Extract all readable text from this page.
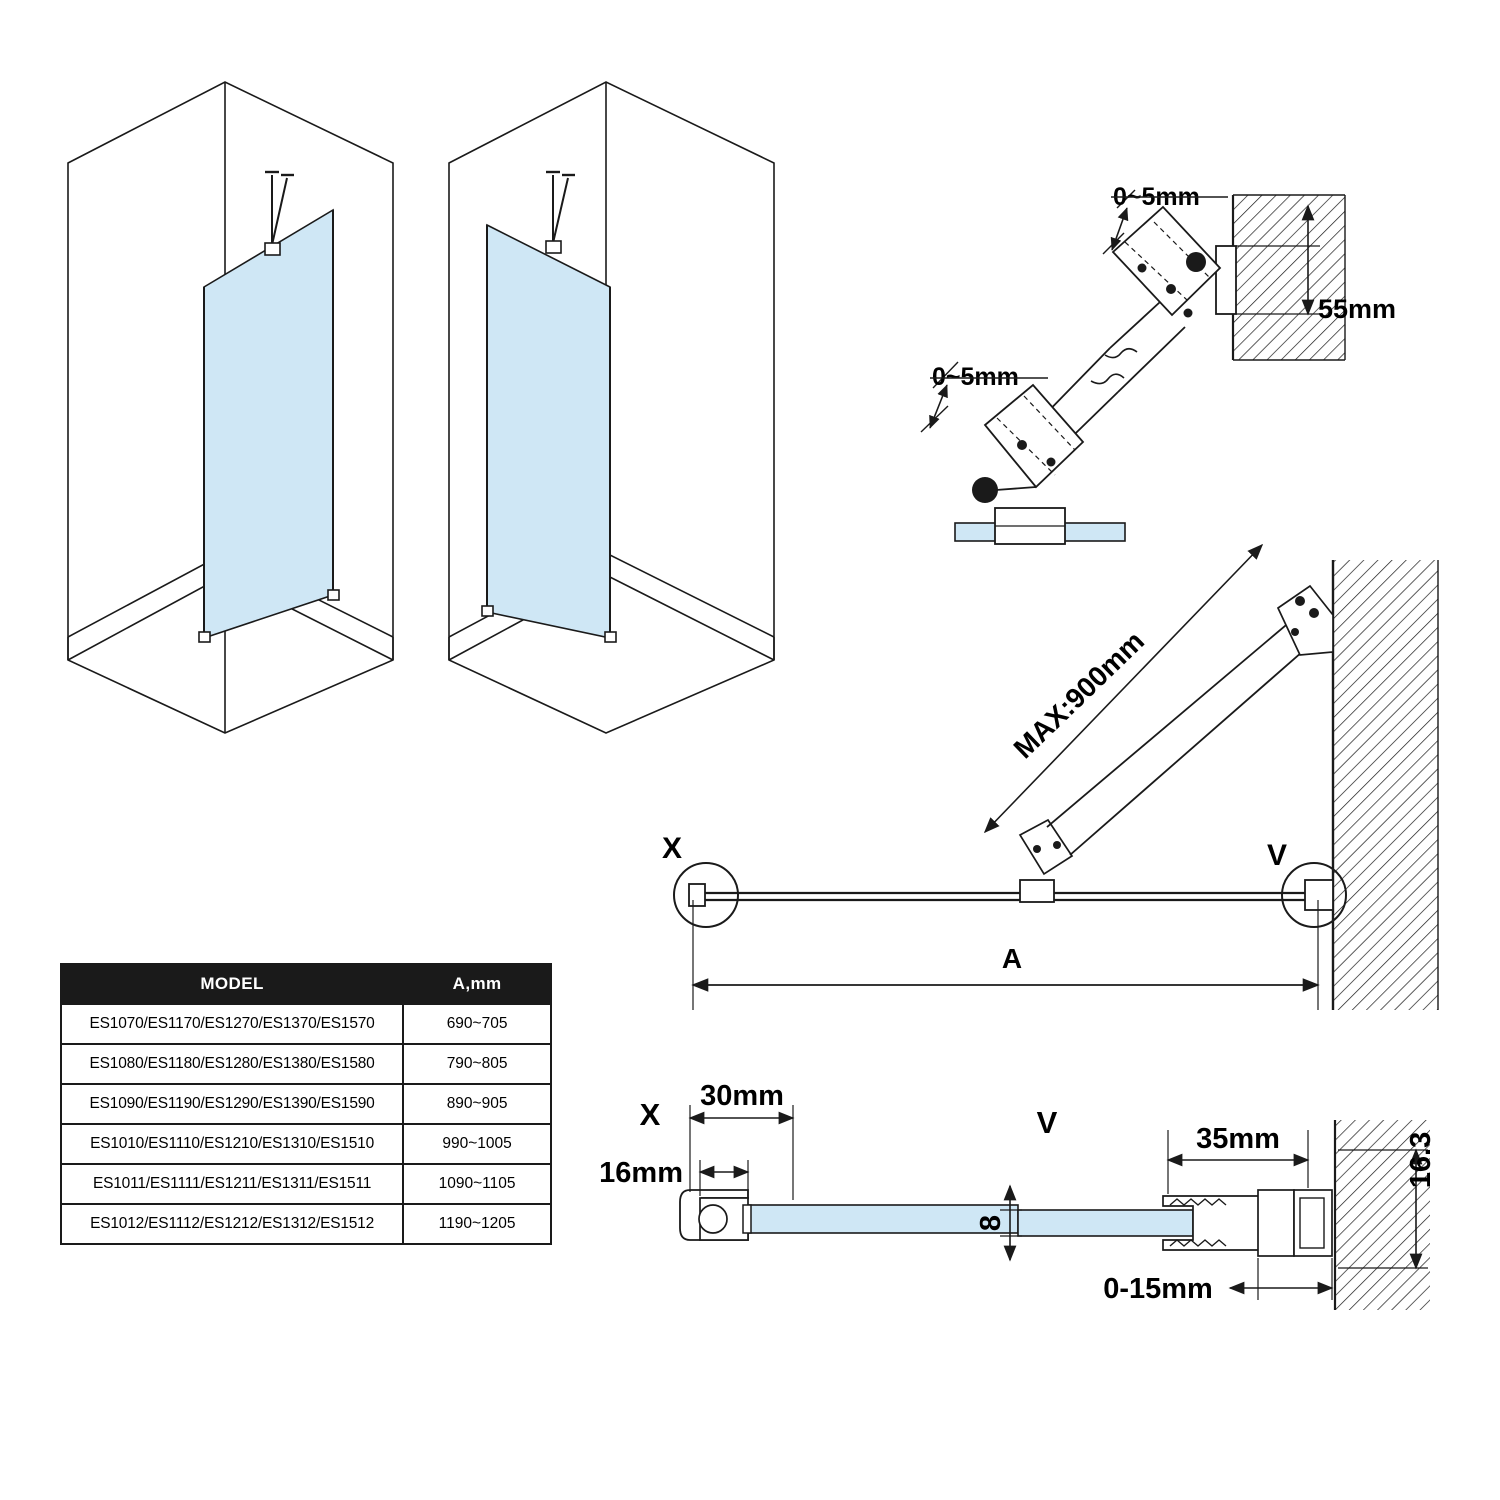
0~5mm
55mm
0~5mm
MAX:900mm
A
X	V
X
30mm
16mm
V	35mm	16.3
8
0-15mm
MODEL	A,mm
ES1070/ES1170/ES1270/ES1370/ES1570	690~705
ES1080/ES1180/ES1280/ES1380/ES1580	790~805
ES1090/ES1190/ES1290/ES1390/ES1590	890~905
ES1010/ES1110/ES1210/ES1310/ES1510	990~1005
ES1011/ES1111/ES1211/ES1311/ES1511	1090~1105
ES1012/ES1112/ES1212/ES1312/ES1512	1190~1205
